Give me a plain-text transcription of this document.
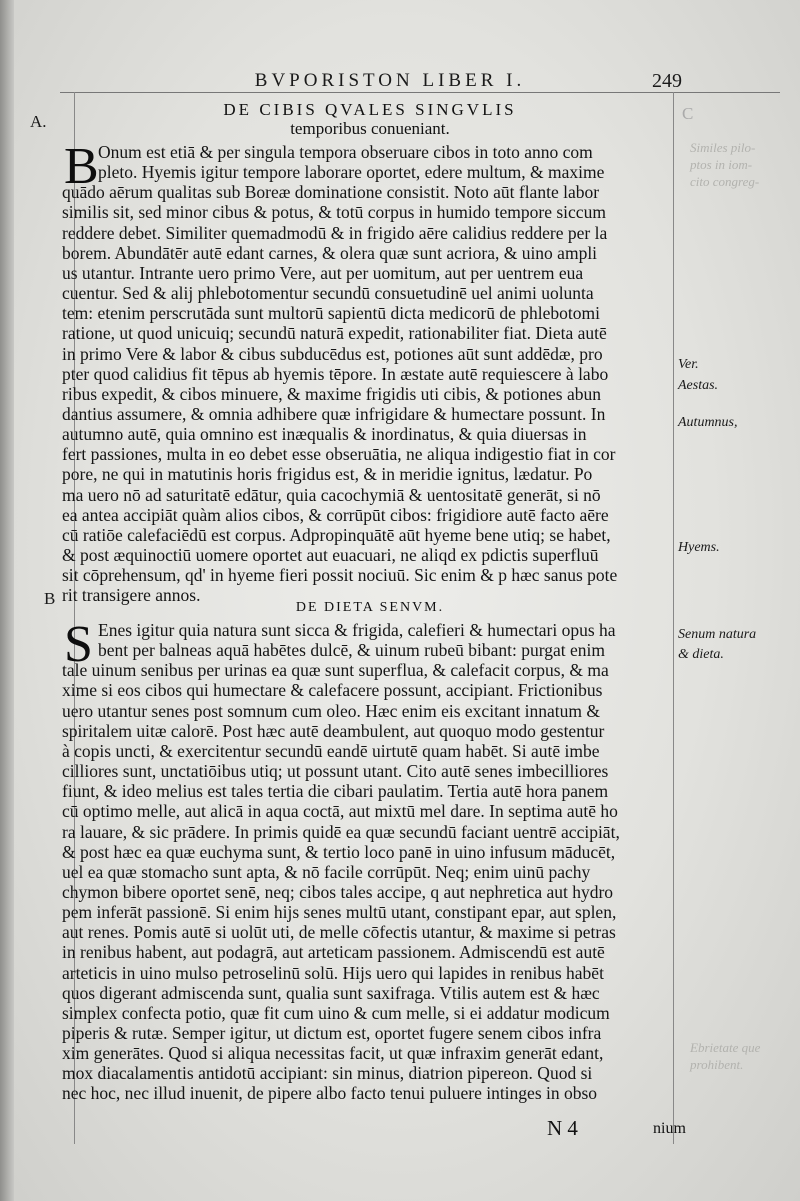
BVPORISTON LIBER I.	249
A.	C
B
Similes pilo-
ptos in iom-
cito congreg-
Ebrietate que
prohibent.
DE CIBIS QVALES SINGVLIS
temporibus conueniant.
B Onum est etiā & per singula tempora obseruare cibos in toto anno com
pleto. Hyemis igitur tempore laborare oportet, edere multum, & maxime
quādo aērum qualitas sub Boreæ dominatione consistit. Noto aūt flante labor
similis sit, sed minor cibus & potus, & totū corpus in humido tempore siccum
reddere debet. Similiter quemadmodū & in frigido aēre calidius reddere per la
borem. Abundātēr autē edant carnes, & olera quæ sunt acriora, & uino ampli
us utantur. Intrante uero primo Vere, aut per uomitum, aut per uentrem eua
cuentur. Sed & alij phlebotomentur secundū consuetudinē uel animi uolunta
tem: etenim perscrutāda sunt multorū sapientū dicta medicorū de phlebotomi
ratione, ut quod unicuiq; secundū naturā expedit, rationabiliter fiat. Dieta autē
in primo Vere & labor & cibus subducēdus est, potiones aūt sunt addēdæ, pro
pter quod calidius fit tēpus ab hyemis tēpore. In æstate autē requiescere à labo
ribus expedit, & cibos minuere, & maxime frigidis uti cibis, & potiones abun
dantius assumere, & omnia adhibere quæ infrigidare & humectare possunt. In
autumno autē, quia omnino est inæqualis & inordinatus, & quia diuersas in
fert passiones, multa in eo debet esse obseruātia, ne aliqua indigestio fiat in cor
pore, ne qui in matutinis horis frigidus est, & in meridie ignitus, lædatur. Po
ma uero nō ad saturitatē edātur, quia cacochymiā & uentositatē generāt, si nō
ea antea accipiāt quàm alios cibos, & corrūpūt cibos: frigidiore autē facto aēre
cū ratiōe calefaciēdū est corpus. Adpropinquātē aūt hyeme bene utiq; se habet,
& post æquinoctiū uomere oportet aut euacuari, ne aliqd ex pdictis superfluū
sit cōprehensum, qd' in hyeme fieri possit nociuū. Sic enim & p hæc sanus pote
rit transigere annos.
DE DIETA SENVM.
S Enes igitur quia natura sunt sicca & frigida, calefieri & humectari opus ha
bent per balneas aquā habētes dulcē, & uinum rubeū bibant: purgat enim
tale uinum senibus per urinas ea quæ sunt superflua, & calefacit corpus, & ma
xime si eos cibos qui humectare & calefacere possunt, accipiant. Frictionibus
uero utantur senes post somnum cum oleo. Hæc enim eis excitant innatum &
spiritalem uitæ calorē. Post hæc autē deambulent, aut quoquo modo gestentur
à copis uncti, & exercitentur secundū eandē uirtutē quam habēt. Si autē imbe
cilliores sunt, unctatiōibus utiq; ut possunt utant. Cito autē senes imbecilliores
fiunt, & ideo melius est tales tertia die cibari paulatim. Tertia autē hora panem
cū optimo melle, aut alicā in aqua coctā, aut mixtū mel dare. In septima autē ho
ra lauare, & sic prādere. In primis quidē ea quæ secundū faciant uentrē accipiāt,
& post hæc ea quæ euchyma sunt, & tertio loco panē in uino infusum māducēt,
uel ea quæ stomacho sunt apta, & nō facile corrūpūt. Neq; enim uinū pachy
chymon bibere oportet senē, neq; cibos tales accipe, q aut nephretica aut hydro
pem inferāt passionē. Si enim hijs senes multū utant, constipant epar, aut splen,
aut renes. Pomis autē si uolūt uti, de melle cōfectis utantur, & maxime si petras
in renibus habent, aut podagrā, aut arteticam passionem. Admiscendū est autē
arteticis in uino mulso petroselinū solū. Hijs uero qui lapides in renibus habēt
quos digerant admiscenda sunt, qualia sunt saxifraga. Vtilis autem est & hæc
simplex confecta potio, quæ fit cum uino & cum melle, si ei addatur modicum
piperis & rutæ. Semper igitur, ut dictum est, oportet fugere senem cibos infra
xim generātes. Quod si aliqua necessitas facit, ut quæ infraxim generāt edant,
mox diacalamentis antidotū accipiant: sin minus, diatrion pipereon. Quod si
nec hoc, nec illud inuenit, de pipere albo facto tenui puluere intinges in obso
Ver.
Aestas.
Autumnus,
Hyems.
Senum natura
& dieta.
N 4	nium
